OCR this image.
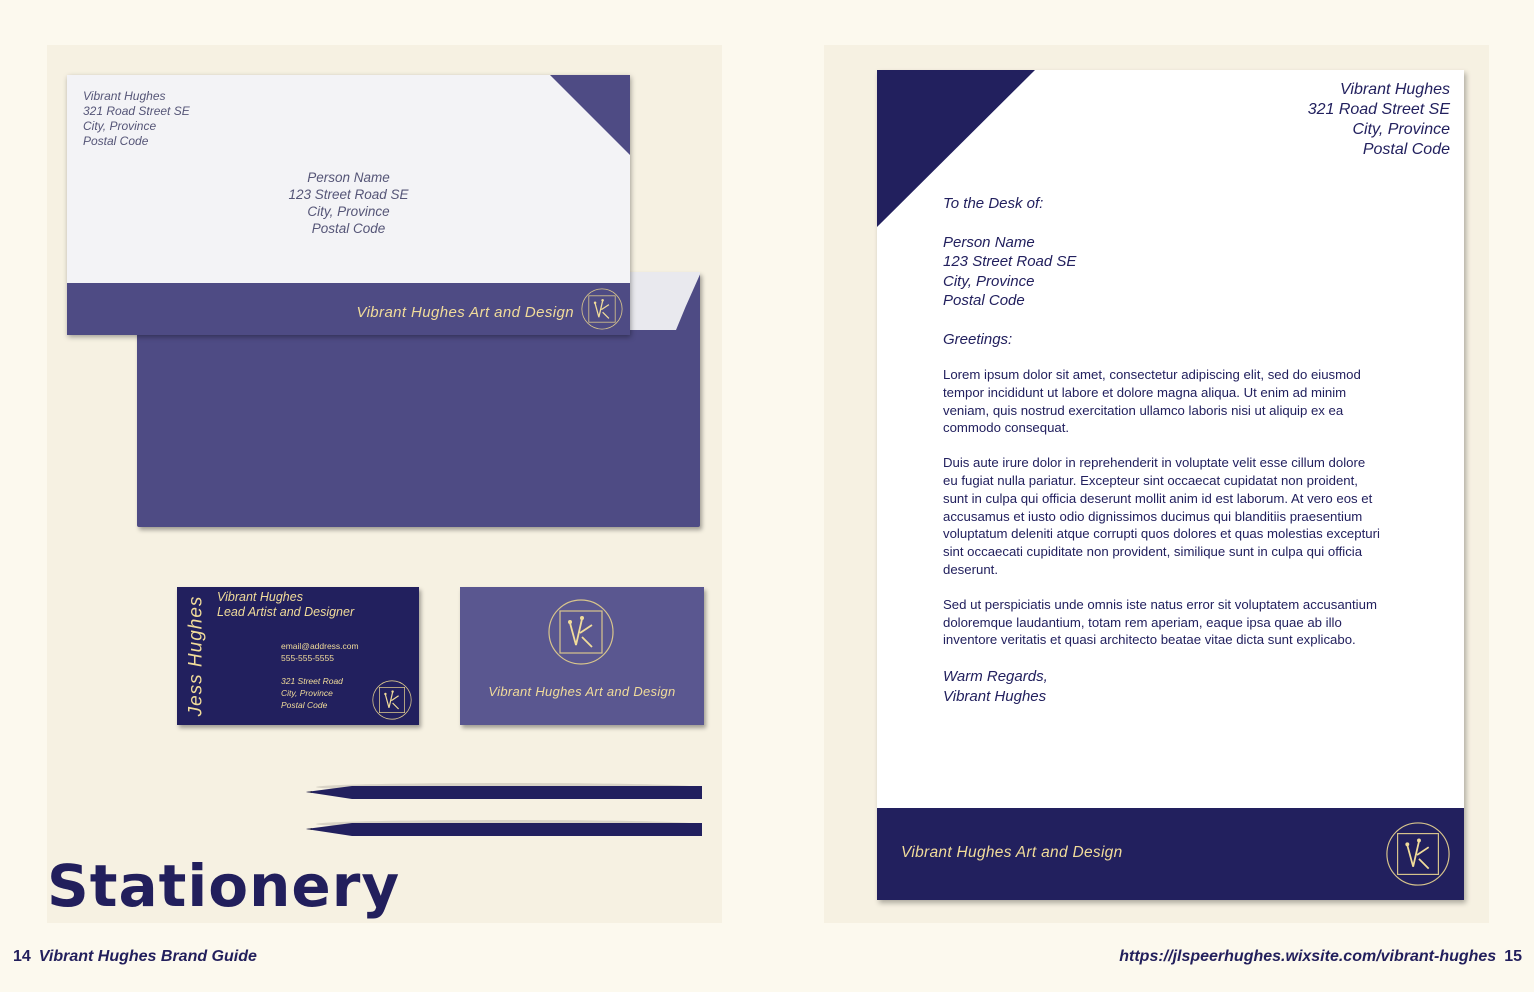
Vibrant Hughes
321 Road Street SE
City, Province
Postal Code
Person Name
123 Street Road SE
City, Province
Postal Code
Vibrant Hughes Art and Design
Jess Hughes Vibrant Hughes
Lead Artist and Designer
email@address.com
555-555-5555
321 Street Road
City, Province
Postal Code
Vibrant Hughes Art and Design
Stationery
Vibrant Hughes
321 Road Street SE
City, Province
Postal Code
To the Desk of:
Person Name
123 Street Road SE
City, Province
Postal Code
Greetings:
Lorem ipsum dolor sit amet, consectetur adipiscing elit, sed do eiusmod tempor incididunt ut labore et dolore magna aliqua. Ut enim ad minim veniam, quis nostrud exercitation ullamco laboris nisi ut aliquip ex ea commodo consequat.
Duis aute irure dolor in reprehenderit in voluptate velit esse cillum dolore eu fugiat nulla pariatur. Excepteur sint occaecat cupidatat non proident, sunt in culpa qui officia deserunt mollit anim id est laborum. At vero eos et accusamus et iusto odio dignissimos ducimus qui blanditiis praesentium voluptatum deleniti atque corrupti quos dolores et quas molestias excepturi sint occaecati cupiditate non provident, similique sunt in culpa qui officia deserunt.
Sed ut perspiciatis unde omnis iste natus error sit voluptatem accusantium doloremque laudantium, totam rem aperiam, eaque ipsa quae ab illo inventore veritatis et quasi architecto beatae vitae dicta sunt explicabo.
Warm Regards,
Vibrant Hughes
Vibrant Hughes Art and Design
14 Vibrant Hughes Brand Guide	https://jlspeerhughes.wixsite.com/vibrant-hughes 15
